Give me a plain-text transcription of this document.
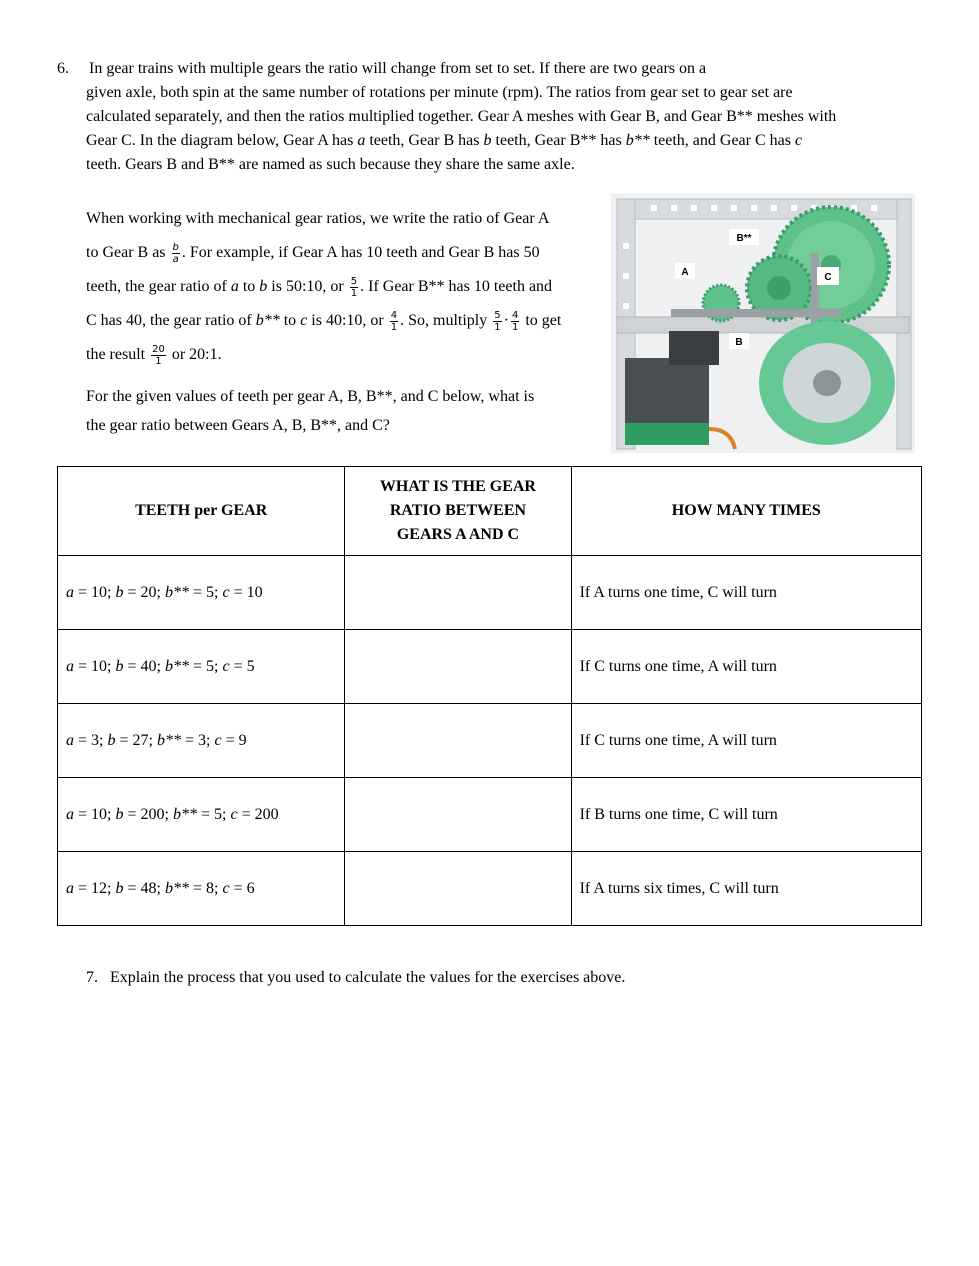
6. In gear trains with multiple gears the ratio will change from set to set. If there are two gears on a
given axle, both spin at the same number of rotations per minute (rpm). The ratios from gear set to gear set are
calculated separately, and then the ratios multiplied together. Gear A meshes with Gear B, and Gear B** meshes with
Gear C. In the diagram below, Gear A has a teeth, Gear B has b teeth, Gear B** has b** teeth, and Gear C has c
teeth. Gears B and B** are named as such because they share the same axle.
When working with mechanical gear ratios, we write the ratio of Gear A
to Gear B as $\frac{b}{a}$ . For example, if Gear A has 10 teeth and Gear B has 50
teeth, the gear ratio of a to b is 50:10, or $\frac{5}{1}$ . If Gear B** has 10 teeth and
C has 40, the gear ratio of b** to c is 40:10, or $\frac{4}{1}$ . So, multiply $\frac{5}{1} \cdot \frac{4}{1}$ to get
the result $\frac{20}{1}$ or 20:1.
For the given values of teeth per gear A, B, B**, and C below, what is
the gear ratio between Gears A, B, B**, and C?
B**
A	C
B
TEETH per GEAR	WHAT IS THE GEAR RATIO BETWEEN GEARS A AND C	HOW MANY TIMES
a = 10; b = 20; b** = 5; c = 10		If A turns one time, C will turn
a = 10; b = 40; b** = 5; c = 5		If C turns one time, A will turn
a = 3; b = 27; b** = 3; c = 9		If C turns one time, A will turn
a = 10; b = 200; b** = 5; c = 200		If B turns one time, C will turn
a = 12; b = 48; b** = 8; c = 6		If A turns six times, C will turn
7. Explain the process that you used to calculate the values for the exercises above.
